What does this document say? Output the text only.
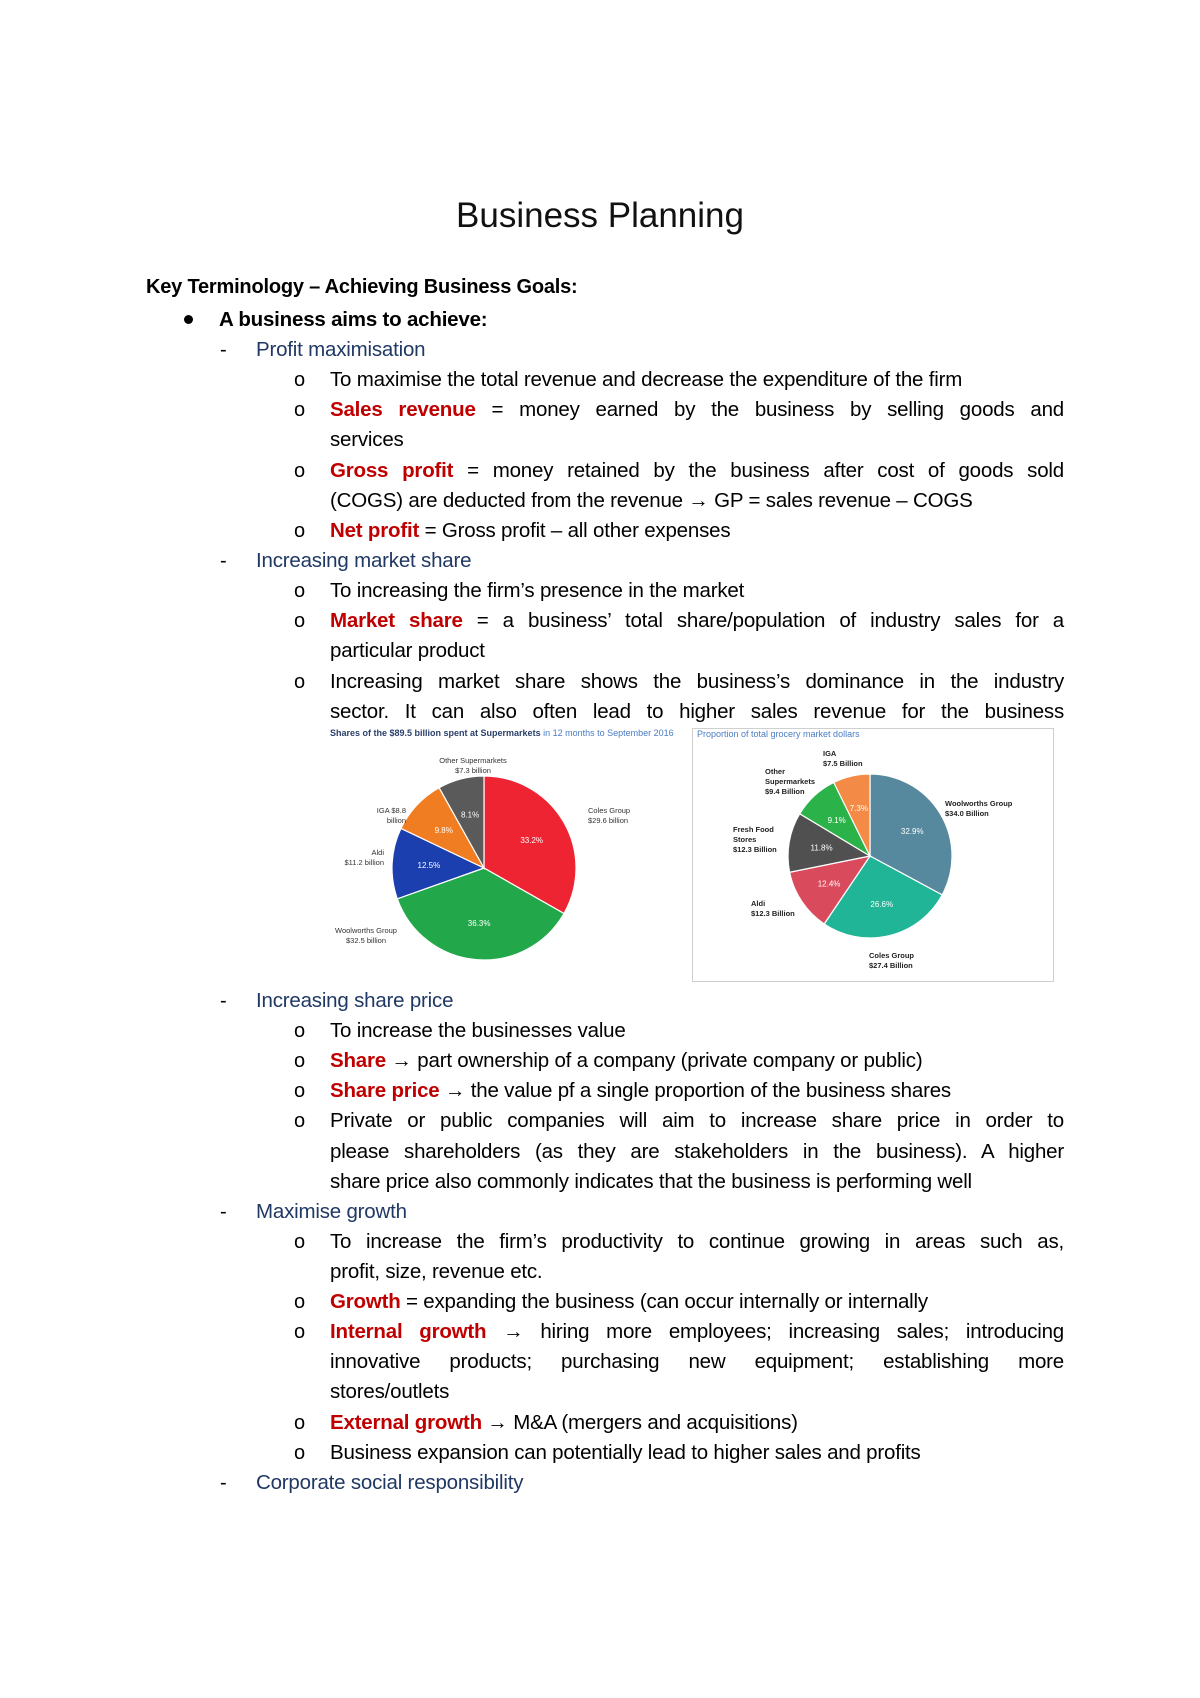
Business Planning
Key Terminology – Achieving Business Goals:
A business aims to achieve:
- Profit maximisation
o To maximise the total revenue and decrease the expenditure of the firm
o Sales revenue = money earned by the business by selling goods and
services
o Gross profit = money retained by the business after cost of goods sold
(COGS) are deducted from the revenue → GP = sales revenue – COGS
o Net profit = Gross profit – all other expenses
- Increasing market share
o To increasing the firm’s presence in the market
o Market share = a business’ total share/population of industry sales for a
particular product
o Increasing market share shows the business’s dominance in the industry
sector. It can also often lead to higher sales revenue for the business
Shares of the $89.5 billion spent at Supermarkets in 12 months to September 2016
33.2%
36.3%
12.5%
9.8%
8.1%
Other Supermarkets
$7.3 billion
Coles Group
$29.6 billion
IGA $8.8 billion
Aldi
$11.2 billion
Woolworths Group
$32.5 billion
Proportion of total grocery market dollars
32.9%
26.6%
12.4%
11.8%
9.1%
7.3%
IGA
$7.5 Billion
Other Supermarkets
$9.4 Billion
Woolworths Group
$34.0 Billion
Fresh Food Stores
$12.3 Billion
Aldi
$12.3 Billion
Coles Group
$27.4 Billion
- Increasing share price
o To increase the businesses value
o Share → part ownership of a company (private company or public)
o Share price → the value pf a single proportion of the business shares
o Private or public companies will aim to increase share price in order to
please shareholders (as they are stakeholders in the business). A higher
share price also commonly indicates that the business is performing well
- Maximise growth
o To increase the firm’s productivity to continue growing in areas such as,
profit, size, revenue etc.
o Growth = expanding the business (can occur internally or internally
o Internal growth → hiring more employees; increasing sales; introducing
innovative products; purchasing new equipment; establishing more
stores/outlets
o External growth → M&A (mergers and acquisitions)
o Business expansion can potentially lead to higher sales and profits
- Corporate social responsibility
